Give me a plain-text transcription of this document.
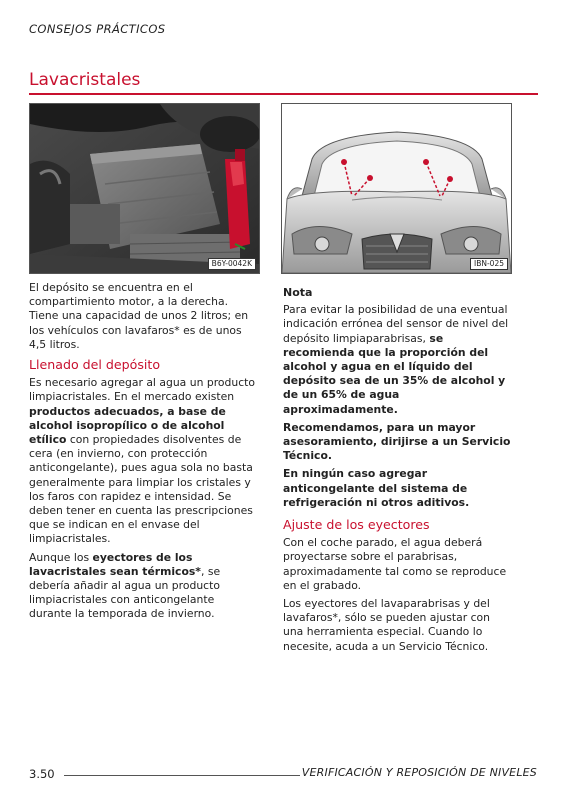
CONSEJOS PRÁCTICOS
Lavacristales
B6Y-0042K	IBN-025

El depósito se encuentra en el compartimiento motor, a la derecha. Tiene una capacidad de unos 2 litros; en los vehículos con lavafaros* es de unos 4,5 litros.

Llenado del depósito

Es necesario agregar al agua un producto limpiacristales. En el mercado existen productos adecuados, a base de alcohol isopropílico o de alcohol etílico con propiedades disolventes de cera (en invierno, con protección anticongelante), pues agua sola no basta generalmente para limpiar los cristales y los faros con rapidez e intensidad. Se deben tener en cuenta las prescripciones que se indican en el envase del limpiacristales.

Aunque los eyectores de los lavacristales sean térmicos*, se debería añadir al agua un producto limpiacristales con anticongelante durante la temporada de invierno.

Nota

Para evitar la posibilidad de una eventual indicación errónea del sensor de nivel del depósito limpiaparabrisas, se recomienda que la proporción del alcohol y agua en el líquido del depósito sea de un 35% de alcohol y de un 65% de agua aproximadamente.

Recomendamos, para un mayor asesoramiento, dirijirse a un Servicio Técnico.

En ningún caso agregar anticongelante del sistema de refrigeración ni otros aditivos.

Ajuste de los eyectores

Con el coche parado, el agua deberá proyectarse sobre el parabrisas, aproximadamente tal como se reproduce en el grabado.

Los eyectores del lavaparabrisas y del lavafaros*, sólo se pueden ajustar con una herramienta especial. Cuando lo necesite, acuda a un Servicio Técnico.

3.50	VERIFICACIÓN Y REPOSICIÓN DE NIVELES
